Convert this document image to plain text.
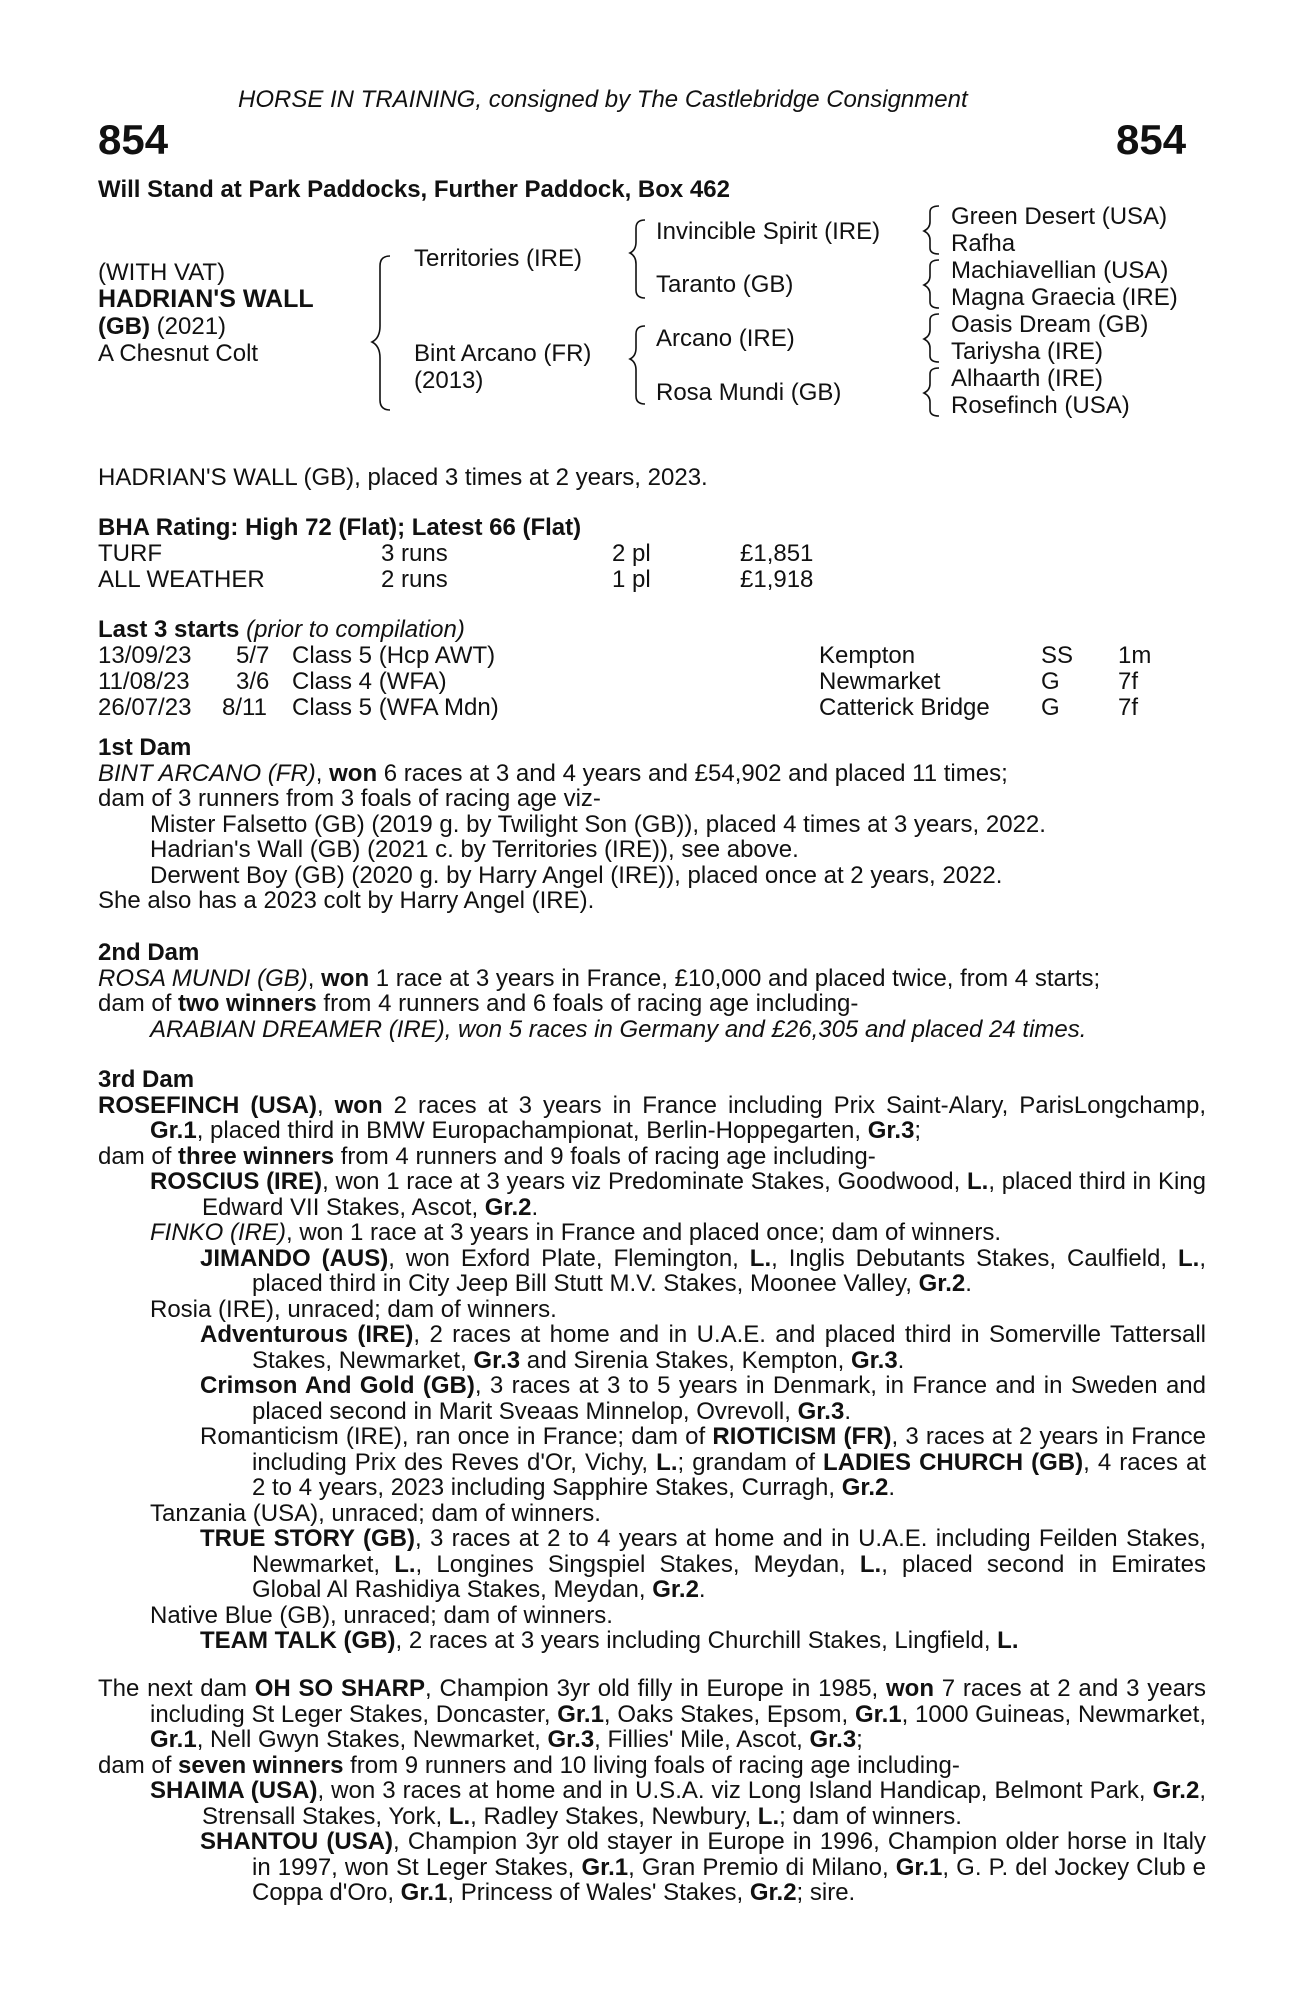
HORSE IN TRAINING, consigned by The Castlebridge Consignment
854	854
Will Stand at Park Paddocks, Further Paddock, Box 462
(WITH VAT)
HADRIAN'S WALL
(GB) (2021)
A Chesnut Colt
Territories (IRE)
Bint Arcano (FR)
(2013)
Invincible Spirit (IRE)
Taranto (GB)
Arcano (IRE)
Rosa Mundi (GB)
Green Desert (USA)
Rafha
Machiavellian (USA)
Magna Graecia (IRE)
Oasis Dream (GB)
Tariysha (IRE)
Alhaarth (IRE)
Rosefinch (USA)
HADRIAN'S WALL (GB), placed 3 times at 2 years, 2023.
BHA Rating: High 72 (Flat); Latest 66 (Flat)
TURF	3 runs	2 pl	£1,851
ALL WEATHER	2 runs	1 pl	£1,918
Last 3 starts (prior to compilation)
13/09/23 5/7 Class 5 (Hcp AWT)	Kempton	SS 1m
11/08/23 3/6 Class 4 (WFA)	Newmarket	G 7f
26/07/23 8/11 Class 5 (WFA Mdn)	Catterick Bridge G 7f

1st Dam

BINT ARCANO (FR), won 6 races at 3 and 4 years and £54,902 and placed 11 times;

dam of 3 runners from 3 foals of racing age viz-

Mister Falsetto (GB) (2019 g. by Twilight Son (GB)), placed 4 times at 3 years, 2022.

Hadrian's Wall (GB) (2021 c. by Territories (IRE)), see above.

Derwent Boy (GB) (2020 g. by Harry Angel (IRE)), placed once at 2 years, 2022.

She also has a 2023 colt by Harry Angel (IRE).

2nd Dam

ROSA MUNDI (GB), won 1 race at 3 years in France, £10,000 and placed twice, from 4 starts;

dam of two winners from 4 runners and 6 foals of racing age including-

ARABIAN DREAMER (IRE), won 5 races in Germany and £26,305 and placed 24 times.

3rd Dam

ROSEFINCH (USA), won 2 races at 3 years in France including Prix Saint-Alary, ParisLongchamp, Gr.1, placed third in BMW Europachampionat, Berlin-Hoppegarten, Gr.3;

dam of three winners from 4 runners and 9 foals of racing age including-

ROSCIUS (IRE), won 1 race at 3 years viz Predominate Stakes, Goodwood, L., placed third in King Edward VII Stakes, Ascot, Gr.2.

FINKO (IRE), won 1 race at 3 years in France and placed once; dam of winners.

JIMANDO (AUS), won Exford Plate, Flemington, L., Inglis Debutants Stakes, Caulfield, L., placed third in City Jeep Bill Stutt M.V. Stakes, Moonee Valley, Gr.2.

Rosia (IRE), unraced; dam of winners.

Adventurous (IRE), 2 races at home and in U.A.E. and placed third in Somerville Tattersall Stakes, Newmarket, Gr.3 and Sirenia Stakes, Kempton, Gr.3.

Crimson And Gold (GB), 3 races at 3 to 5 years in Denmark, in France and in Sweden and placed second in Marit Sveaas Minnelop, Ovrevoll, Gr.3.

Romanticism (IRE), ran once in France; dam of RIOTICISM (FR), 3 races at 2 years in France including Prix des Reves d'Or, Vichy, L.; grandam of LADIES CHURCH (GB), 4 races at 2 to 4 years, 2023 including Sapphire Stakes, Curragh, Gr.2.

Tanzania (USA), unraced; dam of winners.

TRUE STORY (GB), 3 races at 2 to 4 years at home and in U.A.E. including Feilden Stakes, Newmarket, L., Longines Singspiel Stakes, Meydan, L., placed second in Emirates Global Al Rashidiya Stakes, Meydan, Gr.2.

Native Blue (GB), unraced; dam of winners.

TEAM TALK (GB), 2 races at 3 years including Churchill Stakes, Lingfield, L.

The next dam OH SO SHARP, Champion 3yr old filly in Europe in 1985, won 7 races at 2 and 3 years including St Leger Stakes, Doncaster, Gr.1, Oaks Stakes, Epsom, Gr.1, 1000 Guineas, Newmarket, Gr.1, Nell Gwyn Stakes, Newmarket, Gr.3, Fillies' Mile, Ascot, Gr.3;

dam of seven winners from 9 runners and 10 living foals of racing age including-

SHAIMA (USA), won 3 races at home and in U.S.A. viz Long Island Handicap, Belmont Park, Gr.2, Strensall Stakes, York, L., Radley Stakes, Newbury, L.; dam of winners.

SHANTOU (USA), Champion 3yr old stayer in Europe in 1996, Champion older horse in Italy in 1997, won St Leger Stakes, Gr.1, Gran Premio di Milano, Gr.1, G. P. del Jockey Club e Coppa d'Oro, Gr.1, Princess of Wales' Stakes, Gr.2; sire.
